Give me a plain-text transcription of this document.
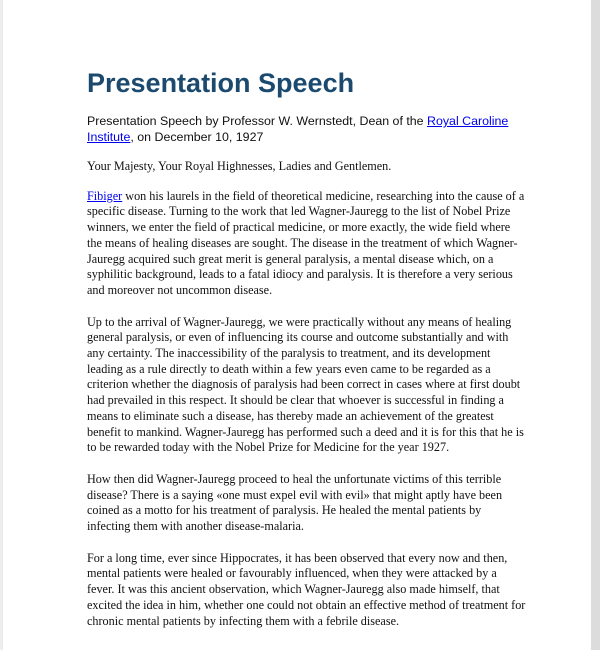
Presentation Speech

Presentation Speech by Professor W. Wernstedt, Dean of the Royal Caroline
Institute, on December 10, 1927

Your Majesty, Your Royal Highnesses, Ladies and Gentlemen.

Fibiger won his laurels in the field of theoretical medicine, researching into the cause of a
specific disease. Turning to the work that led Wagner-Jauregg to the list of Nobel Prize
winners, we enter the field of practical medicine, or more exactly, the wide field where
the means of healing diseases are sought. The disease in the treatment of which Wagner-
Jauregg acquired such great merit is general paralysis, a mental disease which, on a
syphilitic background, leads to a fatal idiocy and paralysis. It is therefore a very serious
and moreover not uncommon disease.

Up to the arrival of Wagner-Jauregg, we were practically without any means of healing
general paralysis, or even of influencing its course and outcome substantially and with
any certainty. The inaccessibility of the paralysis to treatment, and its development
leading as a rule directly to death within a few years even came to be regarded as a
criterion whether the diagnosis of paralysis had been correct in cases where at first doubt
had prevailed in this respect. It should be clear that whoever is successful in finding a
means to eliminate such a disease, has thereby made an achievement of the greatest
benefit to mankind. Wagner-Jauregg has performed such a deed and it is for this that he is
to be rewarded today with the Nobel Prize for Medicine for the year 1927.

How then did Wagner-Jauregg proceed to heal the unfortunate victims of this terrible
disease? There is a saying «one must expel evil with evil» that might aptly have been
coined as a motto for his treatment of paralysis. He healed the mental patients by
infecting them with another disease-malaria.

For a long time, ever since Hippocrates, it has been observed that every now and then,
mental patients were healed or favourably influenced, when they were attacked by a
fever. It was this ancient observation, which Wagner-Jauregg also made himself, that
excited the idea in him, whether one could not obtain an effective method of treatment for
chronic mental patients by infecting them with a febrile disease.
